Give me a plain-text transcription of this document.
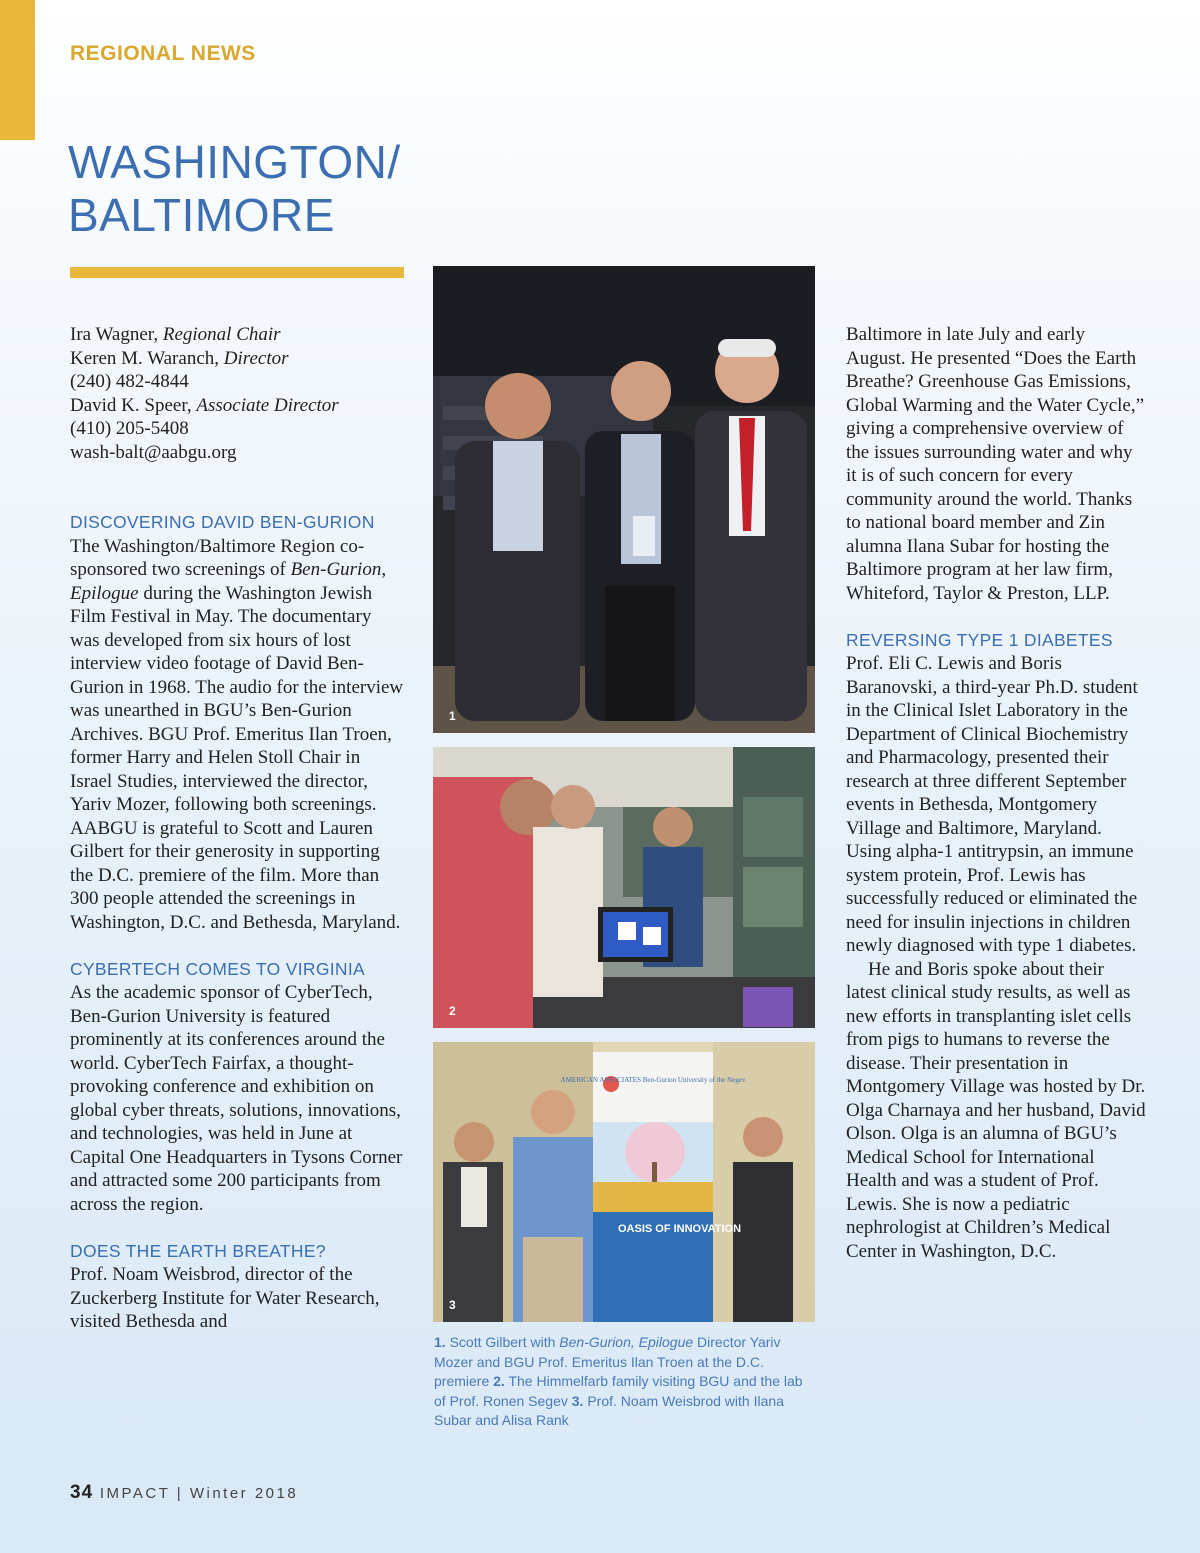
REGIONAL NEWS
WASHINGTON/
BALTIMORE

Ira Wagner, Regional Chair

Keren M. Waranch, Director

(240) 482-4844

David K. Speer, Associate Director

(410) 205-5408

wash-balt@aabgu.org

DISCOVERING DAVID BEN-GURION

The Washington/Baltimore Region co-sponsored two screenings of Ben-Gurion, Epilogue during the Washington Jewish Film Festival in May. The documentary was developed from six hours of lost interview video footage of David Ben-Gurion in 1968. The audio for the interview was unearthed in BGU’s Ben-Gurion Archives. BGU Prof. Emeritus Ilan Troen, former Harry and Helen Stoll Chair in Israel Studies, interviewed the director, Yariv Mozer, following both screenings. AABGU is grateful to Scott and Lauren Gilbert for their generosity in supporting the D.C. premiere of the film. More than 300 people attended the screenings in Washington, D.C. and Bethesda, Maryland.

CYBERTECH COMES TO VIRGINIA

As the academic sponsor of CyberTech, Ben-Gurion University is featured prominently at its conferences around the world. CyberTech Fairfax, a thought-provoking conference and exhibition on global cyber threats, solutions, innovations, and technologies, was held in June at Capital One Headquarters in Tysons Corner and attracted some 200 participants from across the region.

DOES THE EARTH BREATHE?

Prof. Noam Weisbrod, director of the Zuckerberg Institute for Water Research, visited Bethesda and

1
2
AMERICAN ASSOCIATES Ben-Gurion University of the Negev
OASIS OF INNOVATION
3
1. Scott Gilbert with Ben-Gurion, Epilogue Director Yariv Mozer and BGU Prof. Emeritus Ilan Troen at the D.C. premiere 2. The Himmelfarb family visiting BGU and the lab of Prof. Ronen Segev 3. Prof. Noam Weisbrod with Ilana Subar and Alisa Rank

Baltimore in late July and early August. He presented “Does the Earth Breathe? Greenhouse Gas Emissions, Global Warming and the Water Cycle,” giving a comprehensive overview of the issues surrounding water and why it is of such concern for every community around the world. Thanks to national board member and Zin alumna Ilana Subar for hosting the Baltimore program at her law firm, Whiteford, Taylor & Preston, LLP.

REVERSING TYPE 1 DIABETES

Prof. Eli C. Lewis and Boris Baranovski, a third-year Ph.D. student in the Clinical Islet Laboratory in the Department of Clinical Biochemistry and Pharmacology, presented their research at three different September events in Bethesda, Montgomery Village and Baltimore, Maryland. Using alpha-1 antitrypsin, an immune system protein, Prof. Lewis has successfully reduced or eliminated the need for insulin injections in children newly diagnosed with type 1 diabetes.

He and Boris spoke about their latest clinical study results, as well as new efforts in transplanting islet cells from pigs to humans to reverse the disease. Their presentation in Montgomery Village was hosted by Dr. Olga Charnaya and her husband, David Olson. Olga is an alumna of BGU’s Medical School for International Health and was a student of Prof. Lewis. She is now a pediatric nephrologist at Children’s Medical Center in Washington, D.C.

34 IMPACT | Winter 2018
